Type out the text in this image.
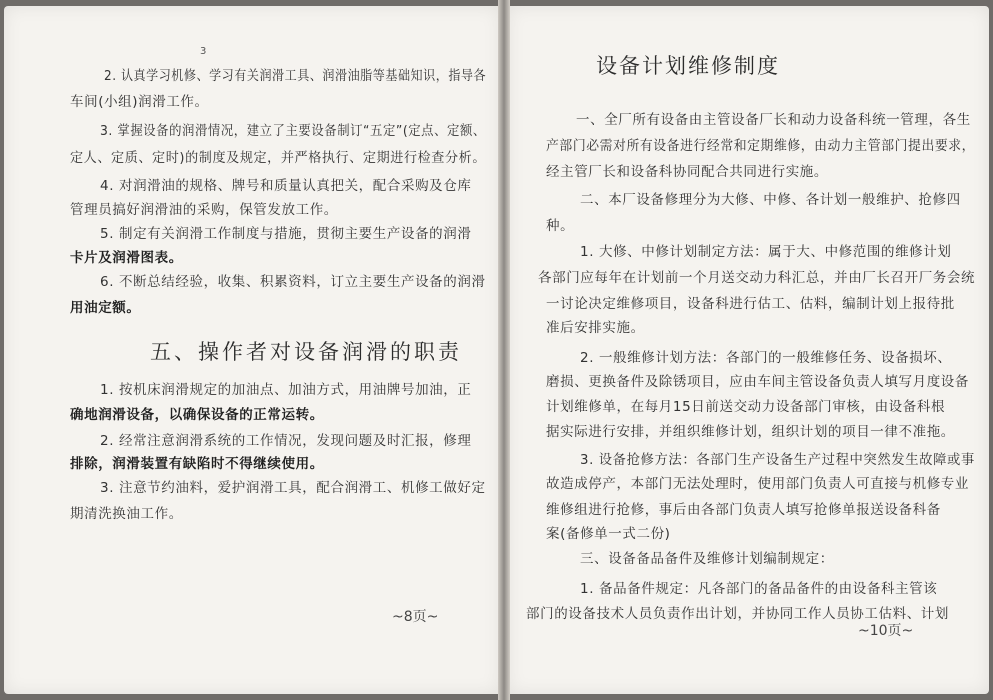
3
2. 认真学习机修、学习有关润滑工具、润滑油脂等基础知识，指导各
车间(小组)润滑工作。
3. 掌握设备的润滑情况，建立了主要设备制订“五定”(定点、定额、
定人、定质、定时)的制度及规定，并严格执行、定期进行检查分析。
4. 对润滑油的规格、牌号和质量认真把关，配合采购及仓库
管理员搞好润滑油的采购，保管发放工作。
5. 制定有关润滑工作制度与措施，贯彻主要生产设备的润滑
卡片及润滑图表。
6. 不断总结经验，收集、积累资料，订立主要生产设备的润滑
用油定额。
五、操作者对设备润滑的职责
1. 按机床润滑规定的加油点、加油方式，用油牌号加油，正
确地润滑设备，以确保设备的正常运转。
2. 经常注意润滑系统的工作情况，发现问题及时汇报，修理
排除，润滑装置有缺陷时不得继续使用。
3. 注意节约油料，爱护润滑工具，配合润滑工、机修工做好定
期清洗换油工作。
~8页~
设备计划维修制度
一、全厂所有设备由主管设备厂长和动力设备科统一管理，各生
产部门必需对所有设备进行经常和定期维修，由动力主管部门提出要求，
经主管厂长和设备科协同配合共同进行实施。
二、本厂设备修理分为大修、中修、各计划一般维护、抢修四
种。
1. 大修、中修计划制定方法：属于大、中修范围的维修计划
各部门应每年在计划前一个月送交动力科汇总，并由厂长召开厂务会统
一讨论决定维修项目，设备科进行估工、估料，编制计划上报待批
准后安排实施。
2. 一般维修计划方法：各部门的一般维修任务、设备损坏、
磨损、更换备件及除锈项目，应由车间主管设备负责人填写月度设备
计划维修单，在每月15日前送交动力设备部门审核，由设备科根
据实际进行安排，并组织维修计划，组织计划的项目一律不准拖。
3. 设备抢修方法：各部门生产设备生产过程中突然发生故障或事
故造成停产，本部门无法处理时，使用部门负责人可直接与机修专业
维修组进行抢修，事后由各部门负责人填写抢修单报送设备科备
案(备修单一式二份)
三、设备备品备件及维修计划编制规定：
1. 备品备件规定：凡各部门的备品备件的由设备科主管该
部门的设备技术人员负责作出计划，并协同工作人员协工估料、计划
~10页~
